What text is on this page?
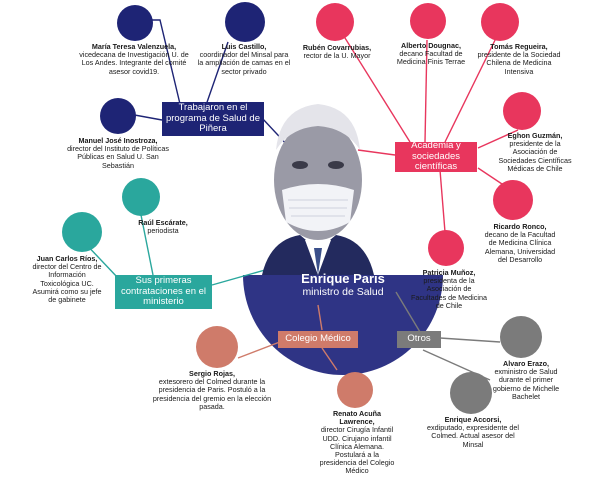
Trabajaron en el programa de Salud de Piñera
Academia y sociedades científicas
Sus primeras contrataciones en el ministerio
Colegio Médico	Otros
Enrique Paris
ministro de Salud
María Teresa Valenzuela,
vicedecana de Investigación U. de Los Andes. Integrante del comité asesor covid19.
Luis Castillo,
coordinador del Minsal para la ampliación de camas en el sector privado
Manuel José Inostroza,
director del Instituto de Políticas Públicas en Salud U. San Sebastián
Rubén Covarrubias,
rector de la U. Mayor
Alberto Dougnac,
decano Facultad de Medicina Finis Terrae
Tomás Regueira,
presidente de la Sociedad Chilena de Medicina Intensiva
Eghon Guzmán,
presidente de la Asociación de Sociedades Científicas Médicas de Chile
Ricardo Ronco,
decano de la Facultad de Medicina Clínica Alemana, Universidad del Desarrollo
Patricia Muñoz,
presidenta de la Asociación de Facultades de Medicina de Chile
Raúl Escárate,
periodista
Juan Carlos Ríos,
director del Centro de Información Toxicológica UC. Asumirá como su jefe de gabinete
Sergio Rojas,
extesorero del Colmed durante la presidencia de Paris. Postuló a la presidencia del gremio en la elección pasada.
Renato Acuña Lawrence,
director Cirugía Infantil UDD. Cirujano infantil Clínica Alemana. Postulará a la presidencia del Colegio Médico
Alvaro Erazo,
exministro de Salud durante el primer gobierno de Michelle Bachelet
Enrique Accorsi,
exdiputado, expresidente del Colmed. Actual asesor del Minsal
